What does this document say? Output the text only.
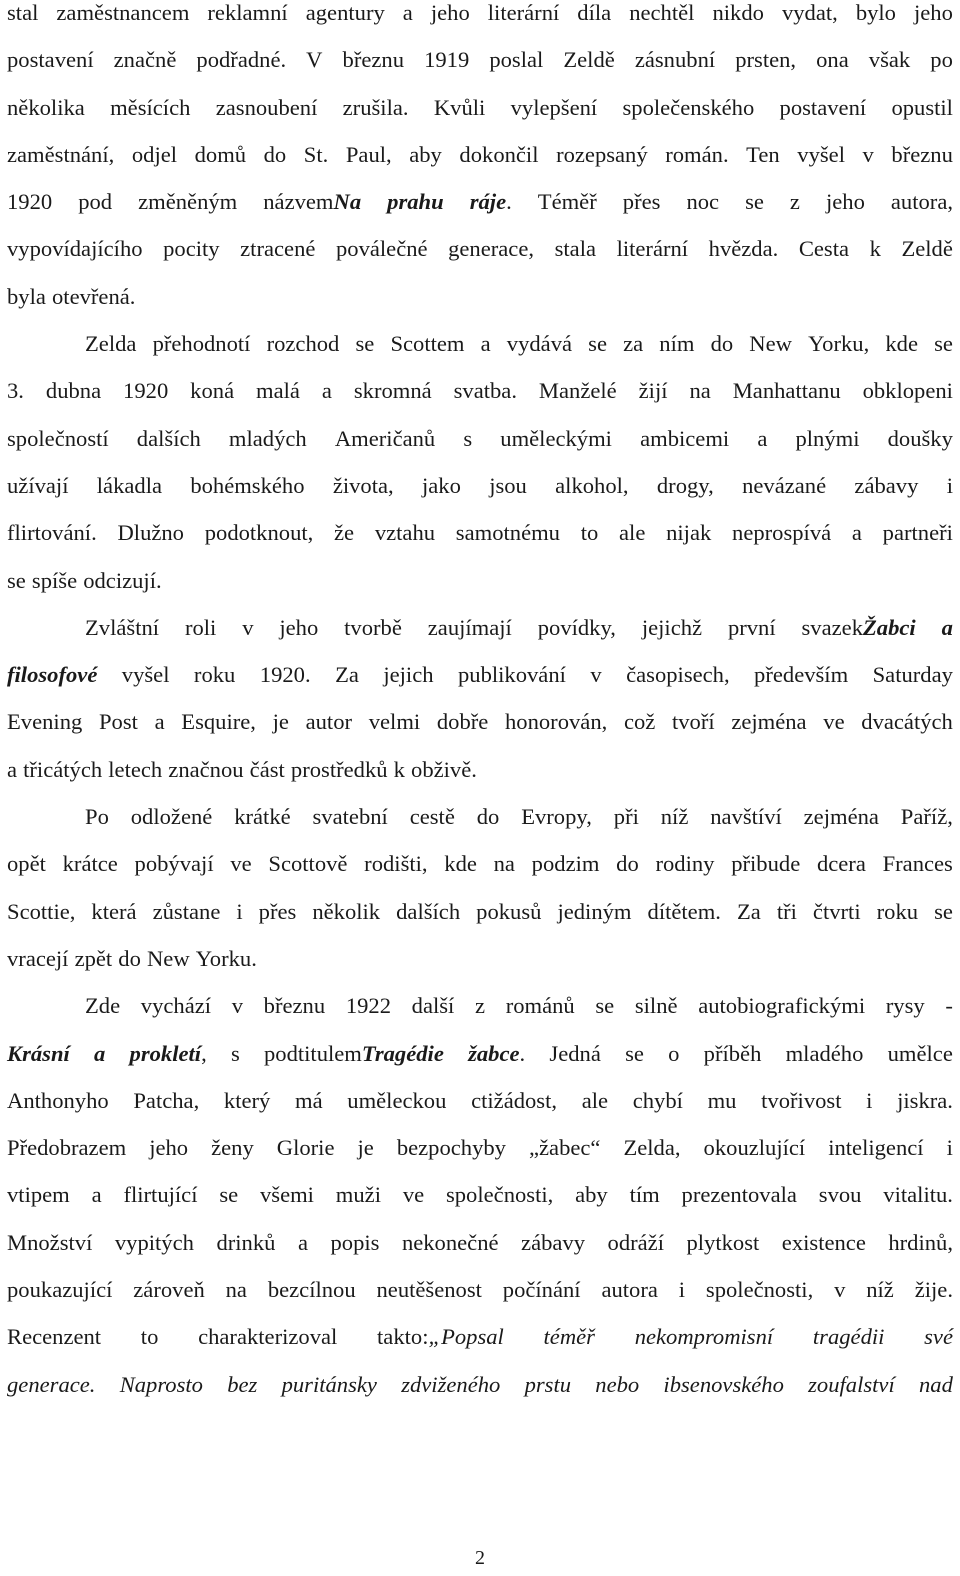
stal zaměstnancem reklamní agentury a jeho literární díla nechtěl nikdo vydat, bylo jeho
postavení značně podřadné. V březnu 1919 poslal Zeldě zásnubní prsten, ona však po
několika měsících zasnoubení zrušila. Kvůli vylepšení společenského postavení opustil
zaměstnání, odjel domů do St. Paul, aby dokončil rozepsaný román. Ten vyšel v březnu
1920 pod změněným názvemNa prahu ráje. Téměř přes noc se z jeho autora,
vypovídajícího pocity ztracené poválečné generace, stala literární hvězda. Cesta k Zeldě
byla otevřená.
Zelda přehodnotí rozchod se Scottem a vydává se za ním do New Yorku, kde se
3. dubna 1920 koná malá a skromná svatba. Manželé žijí na Manhattanu obklopeni
společností dalších mladých Američanů s uměleckými ambicemi a plnými doušky
užívají lákadla bohémského života, jako jsou alkohol, drogy, nevázané zábavy i
flirtování. Dlužno podotknout, že vztahu samotnému to ale nijak neprospívá a partneři
se spíše odcizují.
Zvláštní roli v jeho tvorbě zaujímají povídky, jejichž první svazekŽabci a
filosofové vyšel roku 1920. Za jejich publikování v časopisech, především Saturday
Evening Post a Esquire, je autor velmi dobře honorován, což tvoří zejména ve dvacátých
a třicátých letech značnou část prostředků k obživě.
Po odložené krátké svatební cestě do Evropy, při níž navštíví zejména Paříž,
opět krátce pobývají ve Scottově rodišti, kde na podzim do rodiny přibude dcera Frances
Scottie, která zůstane i přes několik dalších pokusů jediným dítětem. Za tři čtvrti roku se
vracejí zpět do New Yorku.
Zde vychází v březnu 1922 další z románů se silně autobiografickými rysy -
Krásní a prokletí, s podtitulemTragédie žabce. Jedná se o příběh mladého umělce
Anthonyho Patcha, který má uměleckou ctižádost, ale chybí mu tvořivost i jiskra.
Předobrazem jeho ženy Glorie je bezpochyby „žabec“ Zelda, okouzlující inteligencí i
vtipem a flirtující se všemi muži ve společnosti, aby tím prezentovala svou vitalitu.
Množství vypitých drinků a popis nekonečné zábavy odráží plytkost existence hrdinů,
poukazující zároveň na bezcílnou neutěšenost počínání autora i společnosti, v níž žije.
Recenzent to charakterizoval takto:„Popsal téměř nekompromisní tragédii své
generace. Naprosto bez puritánsky zdviženého prstu nebo ibsenovského zoufalství nad
2
